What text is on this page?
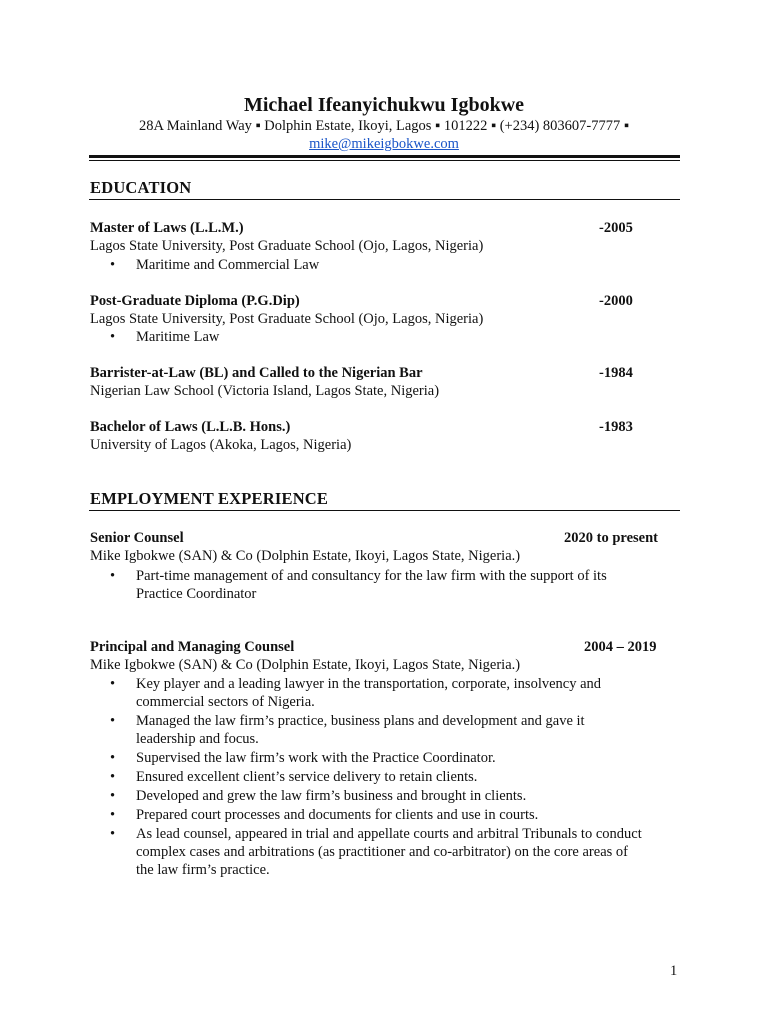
Michael Ifeanyichukwu Igbokwe
28A Mainland Way ▪ Dolphin Estate, Ikoyi, Lagos ▪ 101222 ▪ (+234) 803607-7777 ▪
mike@mikeigbokwe.com
EDUCATION
Master of Laws (L.L.M.)	-2005
Lagos State University, Post Graduate School (Ojo, Lagos, Nigeria)
• Maritime and Commercial Law
Post-Graduate Diploma (P.G.Dip)	-2000
Lagos State University, Post Graduate School (Ojo, Lagos, Nigeria)
• Maritime Law
Barrister-at-Law (BL) and Called to the Nigerian Bar	-1984
Nigerian Law School (Victoria Island, Lagos State, Nigeria)
Bachelor of Laws (L.L.B. Hons.)	-1983
University of Lagos (Akoka, Lagos, Nigeria)
EMPLOYMENT EXPERIENCE
Senior Counsel	2020 to present
Mike Igbokwe (SAN) & Co (Dolphin Estate, Ikoyi, Lagos State, Nigeria.)
• Part-time management of and consultancy for the law firm with the support of its Practice Coordinator
Principal and Managing Counsel	2004 – 2019
Mike Igbokwe (SAN) & Co (Dolphin Estate, Ikoyi, Lagos State, Nigeria.)
• Key player and a leading lawyer in the transportation, corporate, insolvency and commercial sectors of Nigeria.
• Managed the law firm’s practice, business plans and development and gave it leadership and focus.
• Supervised the law firm’s work with the Practice Coordinator.
• Ensured excellent client’s service delivery to retain clients.
• Developed and grew the law firm’s business and brought in clients.
• Prepared court processes and documents for clients and use in courts.
• As lead counsel, appeared in trial and appellate courts and arbitral Tribunals to conduct complex cases and arbitrations (as practitioner and co-arbitrator) on the core areas of the law firm’s practice.
1
